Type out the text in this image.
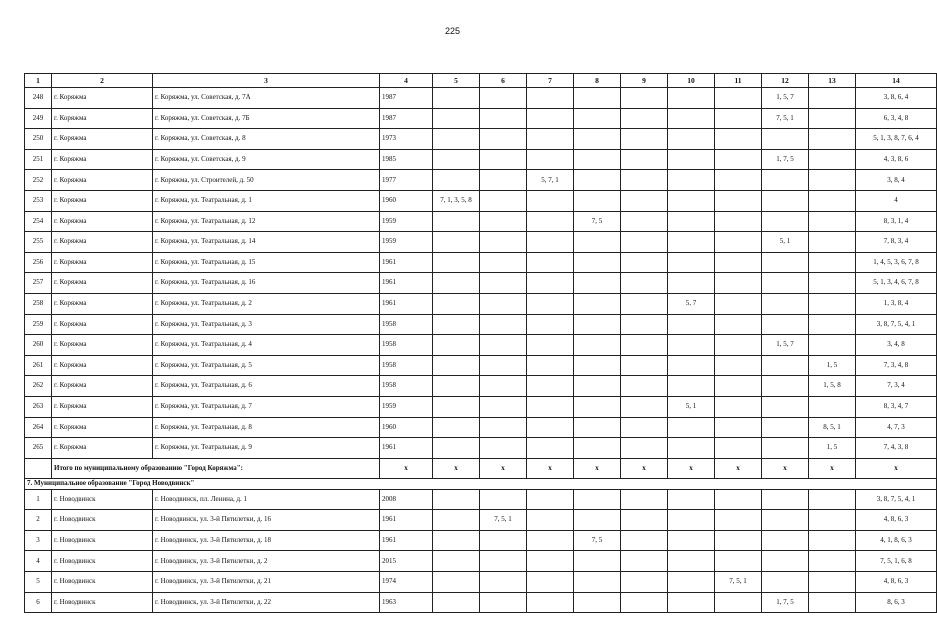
225
1	2	3	4	5	6	7	8	9	10	11	12	13	14
248	г. Коряжма	г. Коряжма, ул. Советская, д. 7А	1987								1, 5, 7		3, 8, 6, 4
249	г. Коряжма	г. Коряжма, ул. Советская, д. 7Б	1987								7, 5, 1		6, 3, 4, 8
250	г. Коряжма	г. Коряжма, ул. Советская, д. 8	1973										5, 1, 3, 8, 7, 6, 4
251	г. Коряжма	г. Коряжма, ул. Советская, д. 9	1985								1, 7, 5		4, 3, 8, 6
252	г. Коряжма	г. Коряжма, ул. Строителей, д. 50	1977			5, 7, 1							3, 8, 4
253	г. Коряжма	г. Коряжма, ул. Театральная, д. 1	1960	7, 1, 3, 5, 8									4
254	г. Коряжма	г. Коряжма, ул. Театральная, д. 12	1959				7, 5						8, 3, 1, 4
255	г. Коряжма	г. Коряжма, ул. Театральная, д. 14	1959								5, 1		7, 8, 3, 4
256	г. Коряжма	г. Коряжма, ул. Театральная, д. 15	1961										1, 4, 5, 3, 6, 7, 8
257	г. Коряжма	г. Коряжма, ул. Театральная, д. 16	1961										5, 1, 3, 4, 6, 7, 8
258	г. Коряжма	г. Коряжма, ул. Театральная, д. 2	1961						5, 7				1, 3, 8, 4
259	г. Коряжма	г. Коряжма, ул. Театральная, д. 3	1958										3, 8, 7, 5, 4, 1
260	г. Коряжма	г. Коряжма, ул. Театральная, д. 4	1958								1, 5, 7		3, 4, 8
261	г. Коряжма	г. Коряжма, ул. Театральная, д. 5	1958									1, 5	7, 3, 4, 8
262	г. Коряжма	г. Коряжма, ул. Театральная, д. 6	1958									1, 5, 8	7, 3, 4
263	г. Коряжма	г. Коряжма, ул. Театральная, д. 7	1959						5, 1				8, 3, 4, 7
264	г. Коряжма	г. Коряжма, ул. Театральная, д. 8	1960									8, 5, 1	4, 7, 3
265	г. Коряжма	г. Коряжма, ул. Театральная, д. 9	1961									1, 5	7, 4, 3, 8
	Итого по муниципальному образованию "Город Коряжма":		x	x	x	x	x	x	x	x	x	x	x
7. Муниципальное образование "Город Новодвинск"													
1	г. Новодвинск	г. Новодвинск, пл. Ленина, д. 1	2008										3, 8, 7, 5, 4, 1
2	г. Новодвинск	г. Новодвинск, ул. 3-й Пятилетки, д. 16	1961		7, 5, 1								4, 8, 6, 3
3	г. Новодвинск	г. Новодвинск, ул. 3-й Пятилетки, д. 18	1961				7, 5						4, 1, 8, 6, 3
4	г. Новодвинск	г. Новодвинск, ул. 3-й Пятилетки, д. 2	2015										7, 5, 1, 6, 8
5	г. Новодвинск	г. Новодвинск, ул. 3-й Пятилетки, д. 21	1974							7, 5, 1			4, 8, 6, 3
6	г. Новодвинск	г. Новодвинск, ул. 3-й Пятилетки, д. 22	1963								1, 7, 5		8, 6, 3
